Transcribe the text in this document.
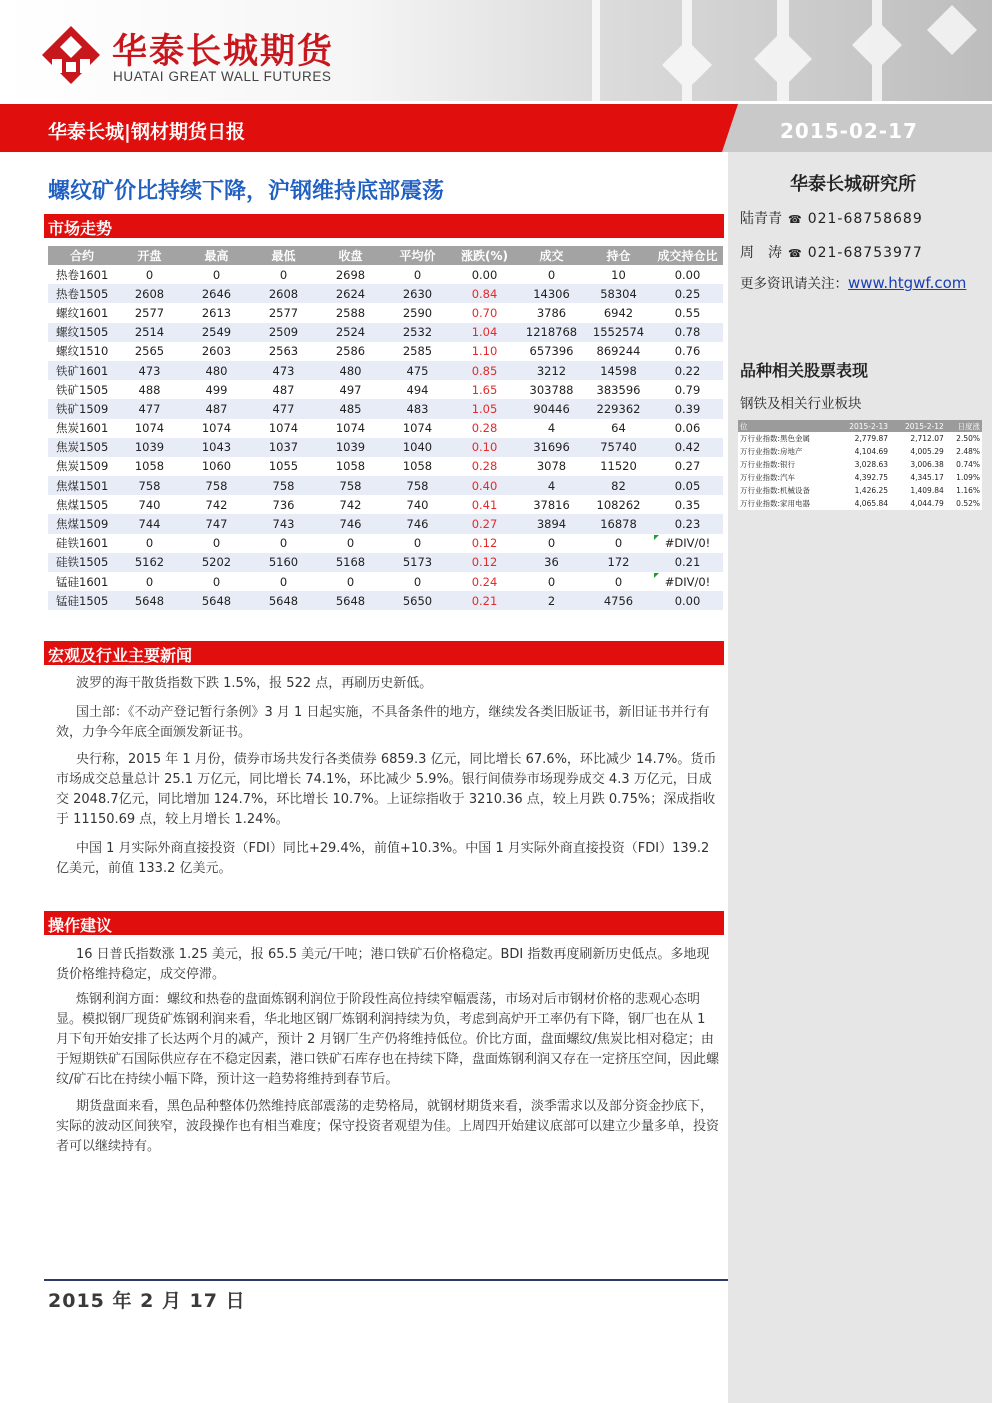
华泰长城期货
HUATAI GREAT WALL FUTURES
华泰长城|钢材期货日报	2015-02-17
华泰长城研究所
陆青青 ☎ 021-68758689
周　涛 ☎ 021-68753977
更多资讯请关注：www.htgwf.com
品种相关股票表现
钢铁及相关行业板块
位	2015-2-13	2015-2-12	日度涨
万行业指数:黑色金属	2,779.87	2,712.07	2.50%
万行业指数:房地产	4,104.69	4,005.29	2.48%
万行业指数:银行	3,028.63	3,006.38	0.74%
万行业指数:汽车	4,392.75	4,345.17	1.09%
万行业指数:机械设备	1,426.25	1,409.84	1.16%
万行业指数:家用电器	4,065.84	4,044.79	0.52%
螺纹矿价比持续下降，沪钢维持底部震荡
市场走势
合约	开盘	最高	最低	收盘	平均价	涨跌(%)	成交	持仓	成交持仓比
热卷1601	0	0	0	2698	0	0.00	0	10	0.00
热卷1505	2608	2646	2608	2624	2630	0.84	14306	58304	0.25
螺纹1601	2577	2613	2577	2588	2590	0.70	3786	6942	0.55
螺纹1505	2514	2549	2509	2524	2532	1.04	1218768	1552574	0.78
螺纹1510	2565	2603	2563	2586	2585	1.10	657396	869244	0.76
铁矿1601	473	480	473	480	475	0.85	3212	14598	0.22
铁矿1505	488	499	487	497	494	1.65	303788	383596	0.79
铁矿1509	477	487	477	485	483	1.05	90446	229362	0.39
焦炭1601	1074	1074	1074	1074	1074	0.28	4	64	0.06
焦炭1505	1039	1043	1037	1039	1040	0.10	31696	75740	0.42
焦炭1509	1058	1060	1055	1058	1058	0.28	3078	11520	0.27
焦煤1501	758	758	758	758	758	0.40	4	82	0.05
焦煤1505	740	742	736	742	740	0.41	37816	108262	0.35
焦煤1509	744	747	743	746	746	0.27	3894	16878	0.23
硅铁1601	0	0	0	0	0	0.12	0	0	#DIV/0!
硅铁1505	5162	5202	5160	5168	5173	0.12	36	172	0.21
锰硅1601	0	0	0	0	0	0.24	0	0	#DIV/0!
锰硅1505	5648	5648	5648	5648	5650	0.21	2	4756	0.00
宏观及行业主要新闻
波罗的海干散货指数下跌 1.5%，报 522 点，再刷历史新低。
国土部：《不动产登记暂行条例》3 月 1 日起实施，不具备条件的地方，继续发各类旧版证书，新旧证书并行有效，力争今年底全面颁发新证书。
央行称，2015 年 1 月份，债券市场共发行各类债券 6859.3 亿元，同比增长 67.6%，环比减少 14.7%。货币市场成交总量总计 25.1 万亿元，同比增长 74.1%，环比减少 5.9%。银行间债券市场现券成交 4.3 万亿元，日成交 2048.7亿元，同比增加 124.7%，环比增长 10.7%。上证综指收于 3210.36 点，较上月跌 0.75%；深成指收于 11150.69 点，较上月增长 1.24%。
中国 1 月实际外商直接投资（FDI）同比+29.4%，前值+10.3%。中国 1 月实际外商直接投资（FDI）139.2 亿美元，前值 133.2 亿美元。
操作建议
16 日普氏指数涨 1.25 美元，报 65.5 美元/干吨；港口铁矿石价格稳定。BDI 指数再度刷新历史低点。多地现货价格维持稳定，成交停滞。
炼钢利润方面：螺纹和热卷的盘面炼钢利润位于阶段性高位持续窄幅震荡，市场对后市钢材价格的悲观心态明显。模拟钢厂现货矿炼钢利润来看，华北地区钢厂炼钢利润持续为负，考虑到高炉开工率仍有下降，钢厂也在从 1 月下旬开始安排了长达两个月的减产，预计 2 月钢厂生产仍将维持低位。价比方面，盘面螺纹/焦炭比相对稳定；由于短期铁矿石国际供应存在不稳定因素，港口铁矿石库存也在持续下降，盘面炼钢利润又存在一定挤压空间，因此螺纹/矿石比在持续小幅下降，预计这一趋势将维持到春节后。
期货盘面来看，黑色品种整体仍然维持底部震荡的走势格局，就钢材期货来看，淡季需求以及部分资金抄底下，实际的波动区间狭窄，波段操作也有相当难度；保守投资者观望为佳。上周四开始建议底部可以建立少量多单，投资者可以继续持有。
2015 年 2 月 17 日
